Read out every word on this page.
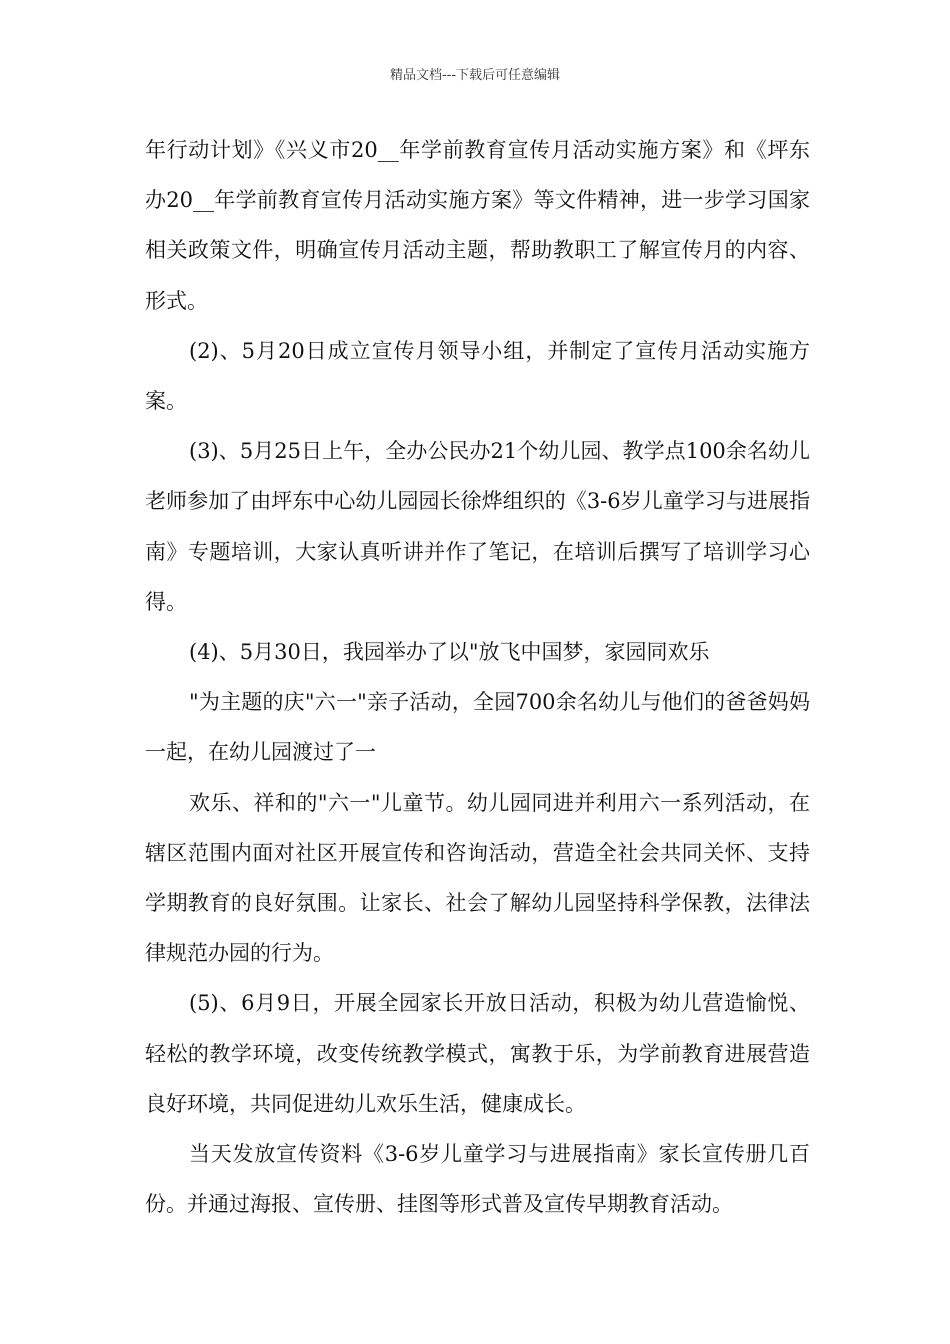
精品文档---下载后可任意编辑

年行动计划》《兴义市20__年学前教育宣传月活动实施方案》和《坪东办20__年学前教育宣传月活动实施方案》等文件精神，进一步学习国家相关政策文件，明确宣传月活动主题，帮助教职工了解宣传月的内容、形式。

(2)、5月20日成立宣传月领导小组，并制定了宣传月活动实施方案。

(3)、5月25日上午，全办公民办21个幼儿园、教学点100余名幼儿老师参加了由坪东中心幼儿园园长徐烨组织的《3-6岁儿童学习与进展指南》专题培训，大家认真听讲并作了笔记，在培训后撰写了培训学习心得。

(4)、5月30日，我园举办了以"放飞中国梦，家园同欢乐

"为主题的庆"六一"亲子活动，全园700余名幼儿与他们的爸爸妈妈一起，在幼儿园渡过了一

欢乐、祥和的"六一"儿童节。幼儿园同进并利用六一系列活动，在辖区范围内面对社区开展宣传和咨询活动，营造全社会共同关怀、支持学期教育的良好氛围。让家长、社会了解幼儿园坚持科学保教，法律法律规范办园的行为。

(5)、6月9日，开展全园家长开放日活动，积极为幼儿营造愉悦、轻松的教学环境，改变传统教学模式，寓教于乐，为学前教育进展营造良好环境，共同促进幼儿欢乐生活，健康成长。

当天发放宣传资料《3-6岁儿童学习与进展指南》家长宣传册几百份。并通过海报、宣传册、挂图等形式普及宣传早期教育活动。
